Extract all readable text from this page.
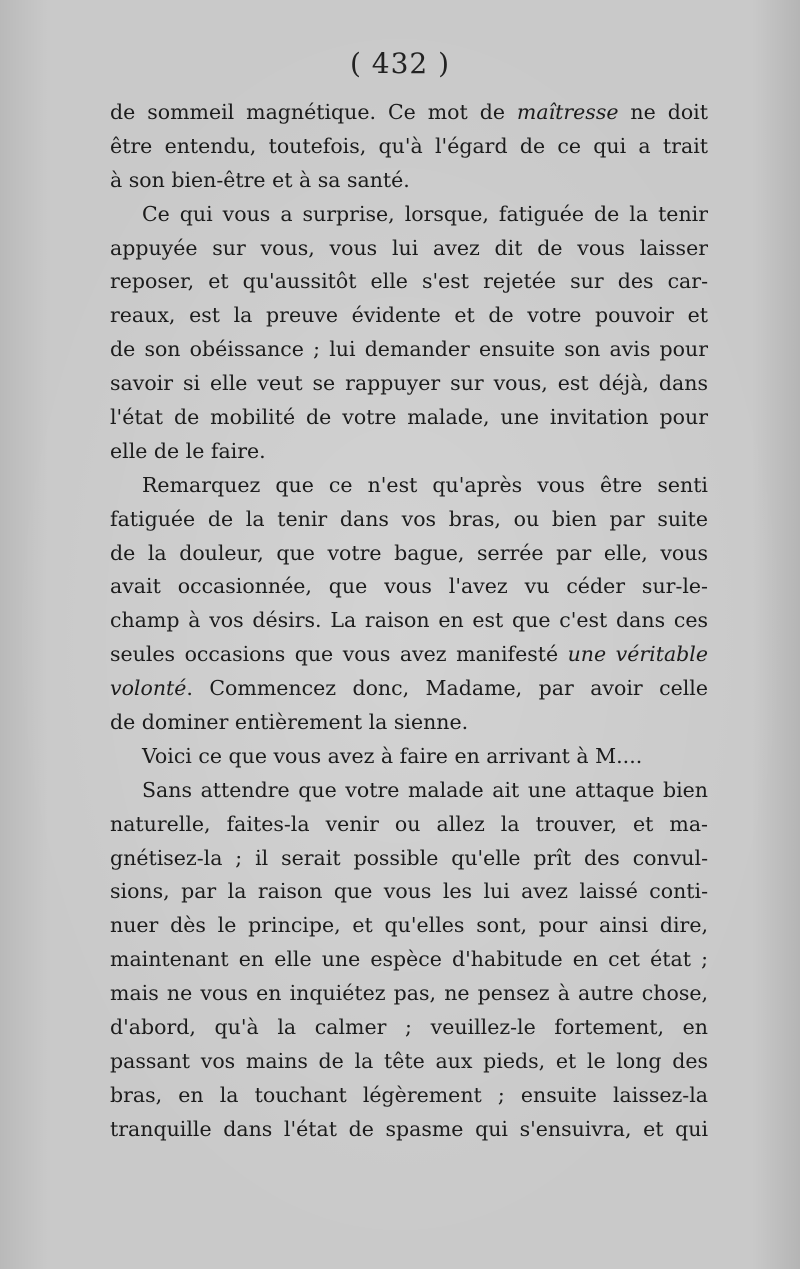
( 432 )
de sommeil magnétique. Ce mot de maîtresse ne doit
être entendu, toutefois, qu'à l'égard de ce qui a trait
à son bien-être et à sa santé.
Ce qui vous a surprise, lorsque, fatiguée de la tenir
appuyée sur vous, vous lui avez dit de vous laisser
reposer, et qu'aussitôt elle s'est rejetée sur des car-
reaux, est la preuve évidente et de votre pouvoir et
de son obéissance ; lui demander ensuite son avis pour
savoir si elle veut se rappuyer sur vous, est déjà, dans
l'état de mobilité de votre malade, une invitation pour
elle de le faire.
Remarquez que ce n'est qu'après vous être senti
fatiguée de la tenir dans vos bras, ou bien par suite
de la douleur, que votre bague, serrée par elle, vous
avait occasionnée, que vous l'avez vu céder sur-le-
champ à vos désirs. La raison en est que c'est dans ces
seules occasions que vous avez manifesté une véritable
volonté. Commencez donc, Madame, par avoir celle
de dominer entièrement la sienne.
Voici ce que vous avez à faire en arrivant à M....
Sans attendre que votre malade ait une attaque bien
naturelle, faites-la venir ou allez la trouver, et ma-
gnétisez-la ; il serait possible qu'elle prît des convul-
sions, par la raison que vous les lui avez laissé conti-
nuer dès le principe, et qu'elles sont, pour ainsi dire,
maintenant en elle une espèce d'habitude en cet état ;
mais ne vous en inquiétez pas, ne pensez à autre chose,
d'abord, qu'à la calmer ; veuillez-le fortement, en
passant vos mains de la tête aux pieds, et le long des
bras, en la touchant légèrement ; ensuite laissez-la
tranquille dans l'état de spasme qui s'ensuivra, et qui
